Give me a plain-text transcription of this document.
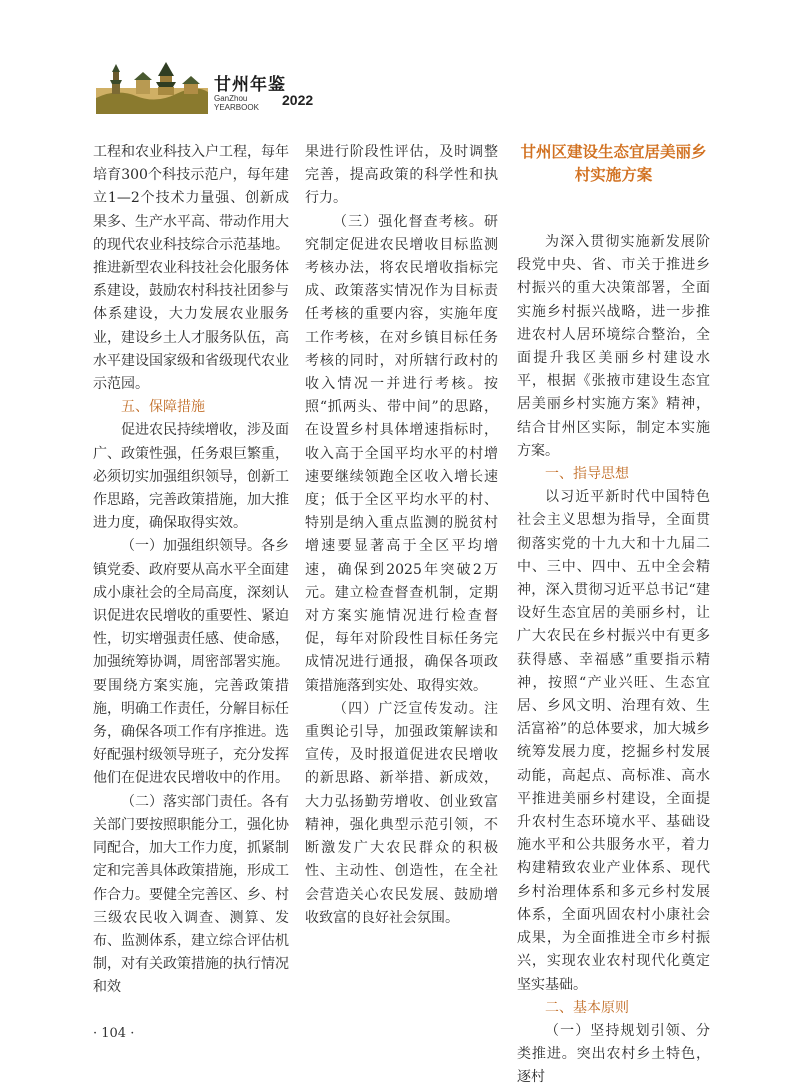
甘州年鉴
GanZhou YEARBOOK	2022

工程和农业科技入户工程，每年培育300个科技示范户，每年建立1—2个技术力量强、创新成果多、生产水平高、带动作用大的现代农业科技综合示范基地。推进新型农业科技社会化服务体系建设，鼓励农村科技社团参与体系建设，大力发展农业服务业，建设乡土人才服务队伍，高水平建设国家级和省级现代农业示范园。

五、保障措施

促进农民持续增收，涉及面广、政策性强，任务艰巨繁重，必须切实加强组织领导，创新工作思路，完善政策措施，加大推进力度，确保取得实效。

（一）加强组织领导。各乡镇党委、政府要从高水平全面建成小康社会的全局高度，深刻认识促进农民增收的重要性、紧迫性，切实增强责任感、使命感，加强统筹协调，周密部署实施。要围绕方案实施，完善政策措施，明确工作责任，分解目标任务，确保各项工作有序推进。选好配强村级领导班子，充分发挥他们在促进农民增收中的作用。

（二）落实部门责任。各有关部门要按照职能分工，强化协同配合，加大工作力度，抓紧制定和完善具体政策措施，形成工作合力。要健全完善区、乡、村三级农民收入调查、测算、发布、监测体系，建立综合评估机制，对有关政策措施的执行情况和效

果进行阶段性评估，及时调整完善，提高政策的科学性和执行力。

（三）强化督查考核。研究制定促进农民增收目标监测考核办法，将农民增收指标完成、政策落实情况作为目标责任考核的重要内容，实施年度工作考核，在对乡镇目标任务考核的同时，对所辖行政村的收入情况一并进行考核。按照“抓两头、带中间”的思路，在设置乡村具体增速指标时，收入高于全国平均水平的村增速要继续领跑全区收入增长速度；低于全区平均水平的村、特别是纳入重点监测的脱贫村增速要显著高于全区平均增速，确保到2025年突破2万元。建立检查督查机制，定期对方案实施情况进行检查督促，每年对阶段性目标任务完成情况进行通报，确保各项政策措施落到实处、取得实效。

（四）广泛宣传发动。注重舆论引导，加强政策解读和宣传，及时报道促进农民增收的新思路、新举措、新成效，大力弘扬勤劳增收、创业致富精神，强化典型示范引领，不断激发广大农民群众的积极性、主动性、创造性，在全社会营造关心农民发展、鼓励增收致富的良好社会氛围。

甘州区建设生态宜居美丽乡村实施方案

为深入贯彻实施新发展阶段党中央、省、市关于推进乡村振兴的重大决策部署，全面实施乡村振兴战略，进一步推进农村人居环境综合整治，全面提升我区美丽乡村建设水平，根据《张掖市建设生态宜居美丽乡村实施方案》精神，结合甘州区实际，制定本实施方案。

一、指导思想

以习近平新时代中国特色社会主义思想为指导，全面贯彻落实党的十九大和十九届二中、三中、四中、五中全会精神，深入贯彻习近平总书记“建设好生态宜居的美丽乡村，让广大农民在乡村振兴中有更多获得感、幸福感”重要指示精神，按照“产业兴旺、生态宜居、乡风文明、治理有效、生活富裕”的总体要求，加大城乡统筹发展力度，挖掘乡村发展动能，高起点、高标准、高水平推进美丽乡村建设，全面提升农村生态环境水平、基础设施水平和公共服务水平，着力构建精致农业产业体系、现代乡村治理体系和多元乡村发展体系，全面巩固农村小康社会成果，为全面推进全市乡村振兴，实现农业农村现代化奠定坚实基础。

二、基本原则

（一）坚持规划引领、分类推进。突出农村乡土特色，逐村

· 104 ·
